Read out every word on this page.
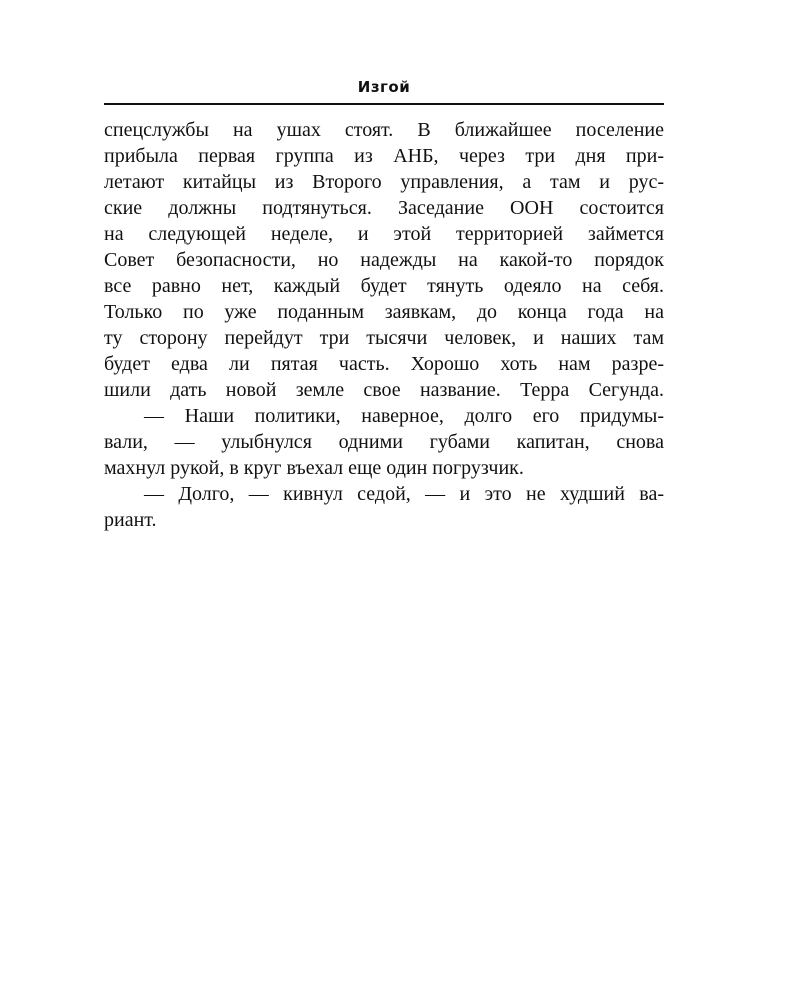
Изгой
спецслужбы на ушах стоят. В ближайшее поселение
прибыла первая группа из АНБ, через три дня при-
летают китайцы из Второго управления, а там и рус-
ские должны подтянуться. Заседание ООН состоится
на следующей неделе, и этой территорией займется
Совет безопасности, но надежды на какой-то порядок
все равно нет, каждый будет тянуть одеяло на себя.
Только по уже поданным заявкам, до конца года на
ту сторону перейдут три тысячи человек, и наших там
будет едва ли пятая часть. Хорошо хоть нам разре-
шили дать новой земле свое название. Терра Сегунда.
— Наши политики, наверное, долго его придумы-
вали, — улыбнулся одними губами капитан, снова
махнул рукой, в круг въехал еще один погрузчик.
— Долго, — кивнул седой, — и это не худший ва-
риант.
